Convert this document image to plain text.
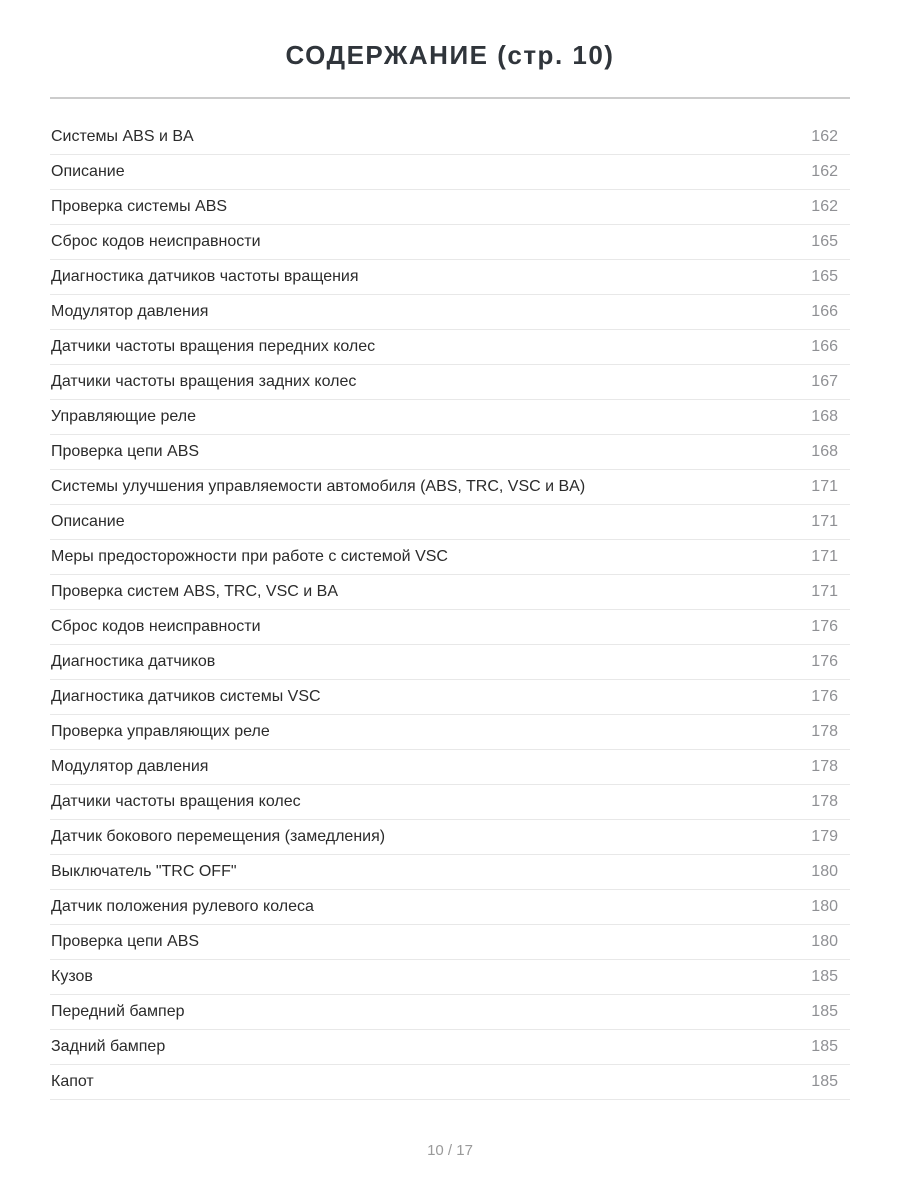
СОДЕРЖАНИЕ (стр. 10)
Системы ABS и BA	162
Описание	162
Проверка системы ABS	162
Сброс кодов неисправности	165
Диагностика датчиков частоты вращения	165
Модулятор давления	166
Датчики частоты вращения передних колес	166
Датчики частоты вращения задних колес	167
Управляющие реле	168
Проверка цепи ABS	168
Системы улучшения управляемости автомобиля (ABS, TRC, VSC и BA)	171
Описание	171
Меры предосторожности при работе с системой VSC	171
Проверка систем ABS, TRC, VSC и BA	171
Сброс кодов неисправности	176
Диагностика датчиков	176
Диагностика датчиков системы VSC	176
Проверка управляющих реле	178
Модулятор давления	178
Датчики частоты вращения колес	178
Датчик бокового перемещения (замедления)	179
Выключатель "TRC OFF"	180
Датчик положения рулевого колеса	180
Проверка цепи ABS	180
Кузов	185
Передний бампер	185
Задний бампер	185
Капот	185
10 / 17
